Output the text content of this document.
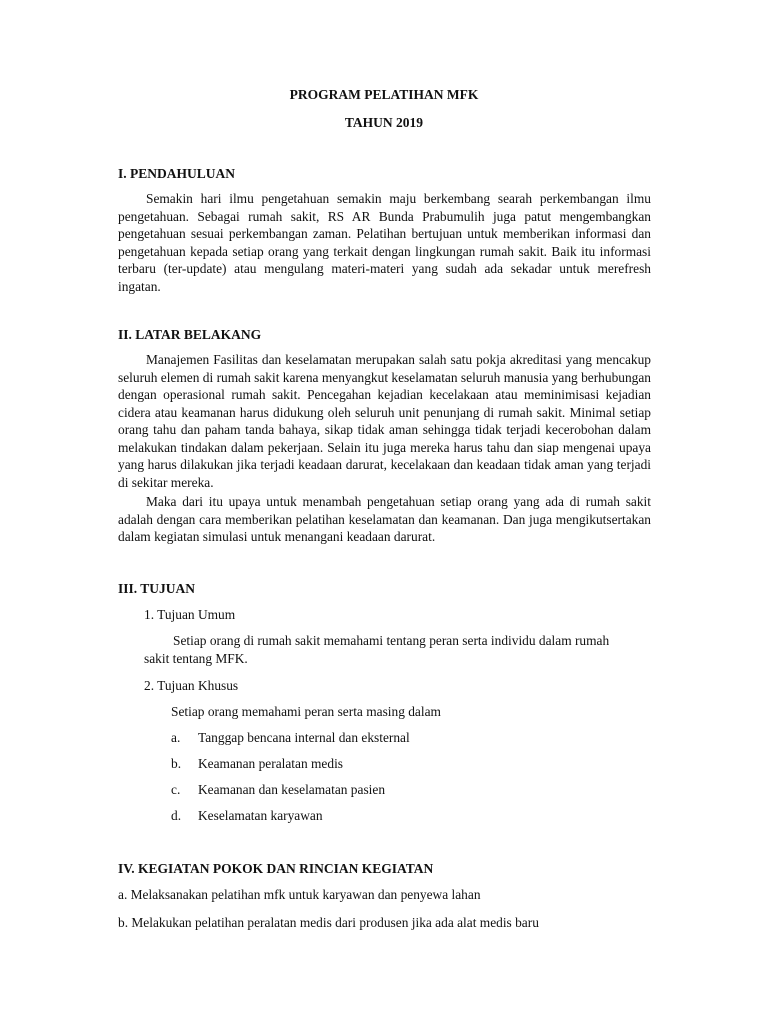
PROGRAM PELATIHAN MFK
TAHUN 2019
I. PENDAHULUAN

Semakin hari ilmu pengetahuan semakin maju berkembang searah perkembangan ilmu pengetahuan. Sebagai rumah sakit, RS AR Bunda Prabumulih juga patut mengembangkan pengetahuan sesuai perkembangan zaman. Pelatihan bertujuan untuk memberikan informasi dan pengetahuan kepada setiap orang yang terkait dengan lingkungan rumah sakit. Baik itu informasi terbaru (ter-update) atau mengulang materi-materi yang sudah ada sekadar untuk merefresh ingatan.

II. LATAR BELAKANG

Manajemen Fasilitas dan keselamatan merupakan salah satu pokja akreditasi yang mencakup seluruh elemen di rumah sakit karena menyangkut keselamatan seluruh manusia yang berhubungan dengan operasional rumah sakit. Pencegahan kejadian kecelakaan atau meminimisasi kejadian cidera atau keamanan harus didukung oleh seluruh unit penunjang di rumah sakit. Minimal setiap orang tahu dan paham tanda bahaya, sikap tidak aman sehingga tidak terjadi kecerobohan dalam melakukan tindakan dalam pekerjaan. Selain itu juga mereka harus tahu dan siap mengenai upaya yang harus dilakukan jika terjadi keadaan darurat, kecelakaan dan keadaan tidak aman yang terjadi di sekitar mereka.

Maka dari itu upaya untuk menambah pengetahuan setiap orang yang ada di rumah sakit adalah dengan cara memberikan pelatihan keselamatan dan keamanan. Dan juga mengikutsertakan dalam kegiatan simulasi untuk menangani keadaan darurat.

III. TUJUAN
1. Tujuan Umum

Setiap orang di rumah sakit memahami tentang peran serta individu dalam rumah sakit tentang MFK.

2. Tujuan Khusus
Setiap orang memahami peran serta masing dalam
a. Tanggap bencana internal dan eksternal
b. Keamanan peralatan medis
c. Keamanan dan keselamatan pasien
d. Keselamatan karyawan
IV. KEGIATAN POKOK DAN RINCIAN KEGIATAN
a. Melaksanakan pelatihan mfk untuk karyawan dan penyewa lahan
b. Melakukan pelatihan peralatan medis dari produsen jika ada alat medis baru
